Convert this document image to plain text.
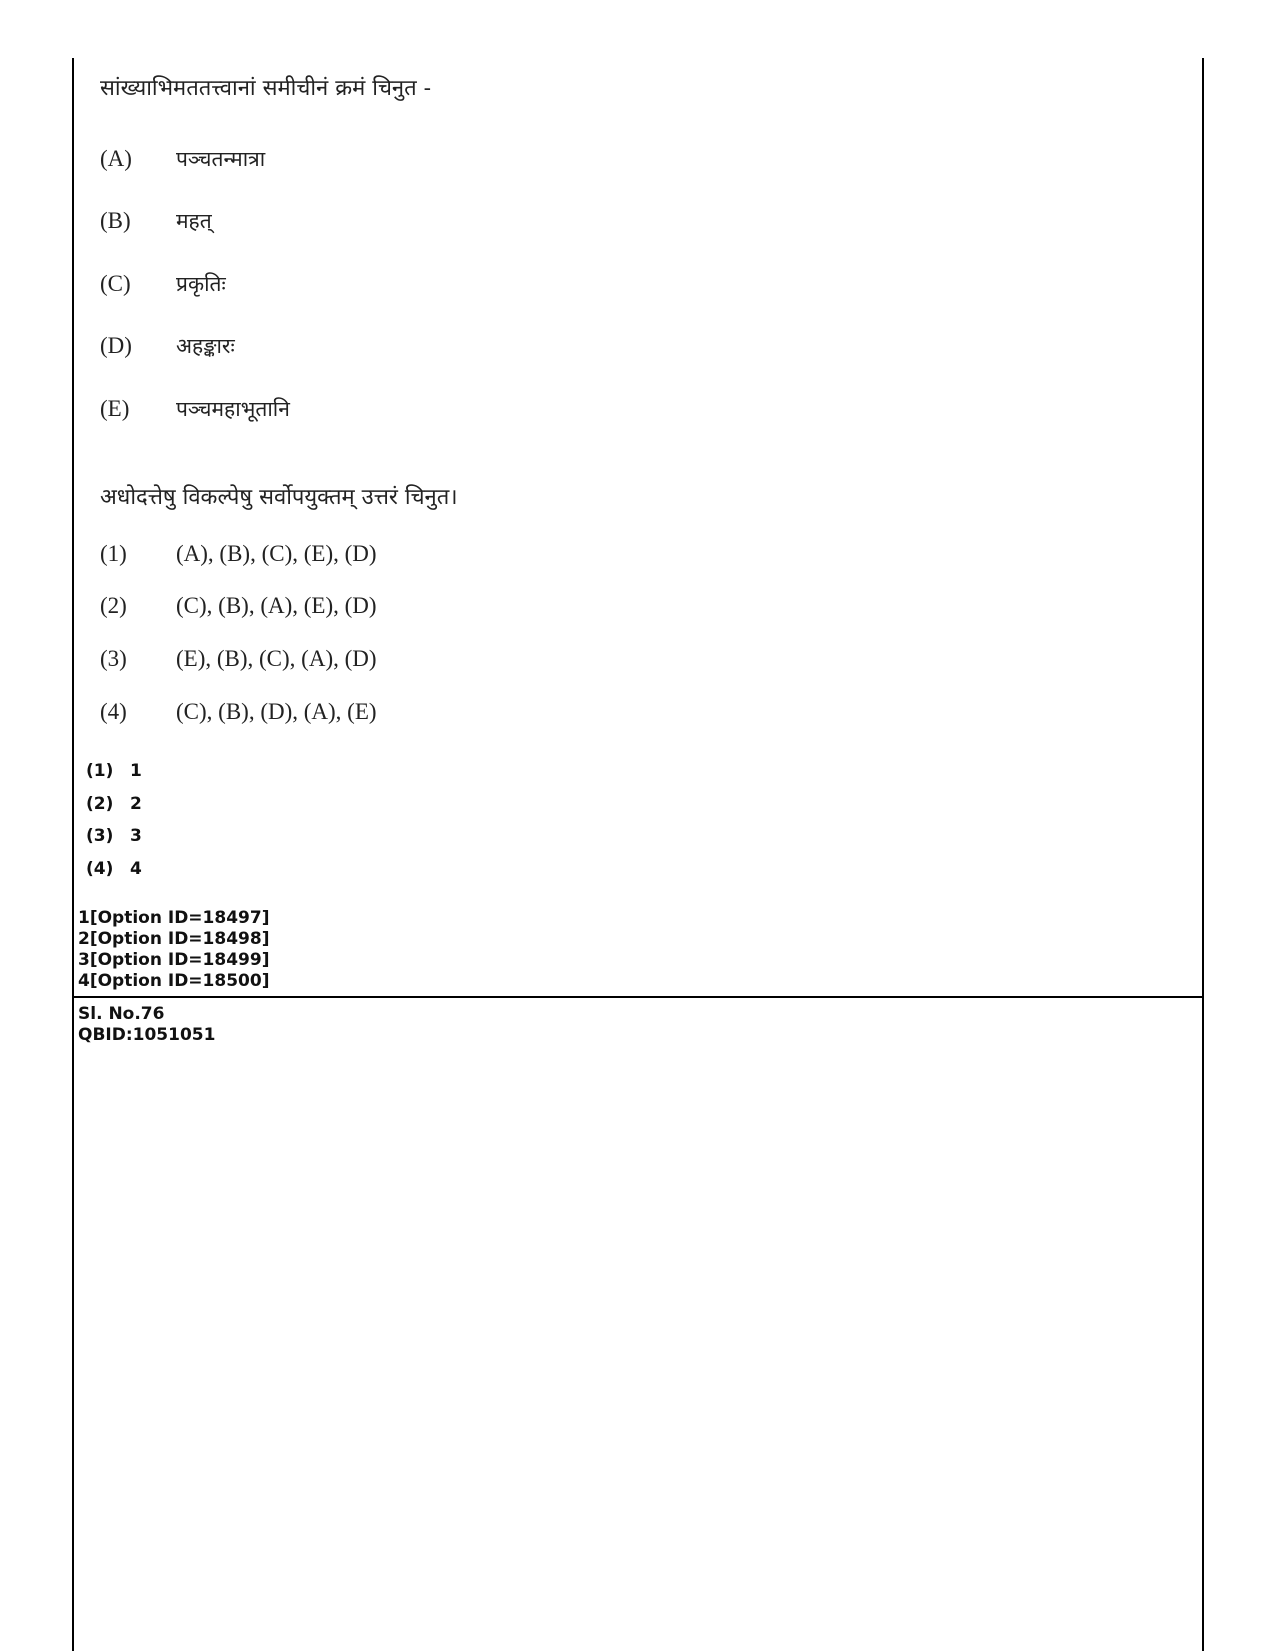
सांख्याभिमततत्त्वानां समीचीनं क्रमं चिनुत -
(A) पञ्चतन्मात्रा
(B) महत्
(C) प्रकृतिः
(D) अहङ्कारः
(E) पञ्चमहाभूतानि
अधोदत्तेषु विकल्पेषु सर्वोपयुक्तम् उत्तरं चिनुत।
(1) (A), (B), (C), (E), (D)
(2) (C), (B), (A), (E), (D)
(3) (E), (B), (C), (A), (D)
(4) (C), (B), (D), (A), (E)
(1) 1
(2) 2
(3) 3
(4) 4
1[Option ID=18497]
2[Option ID=18498]
3[Option ID=18499]
4[Option ID=18500]
Sl. No.76
QBID:1051051
